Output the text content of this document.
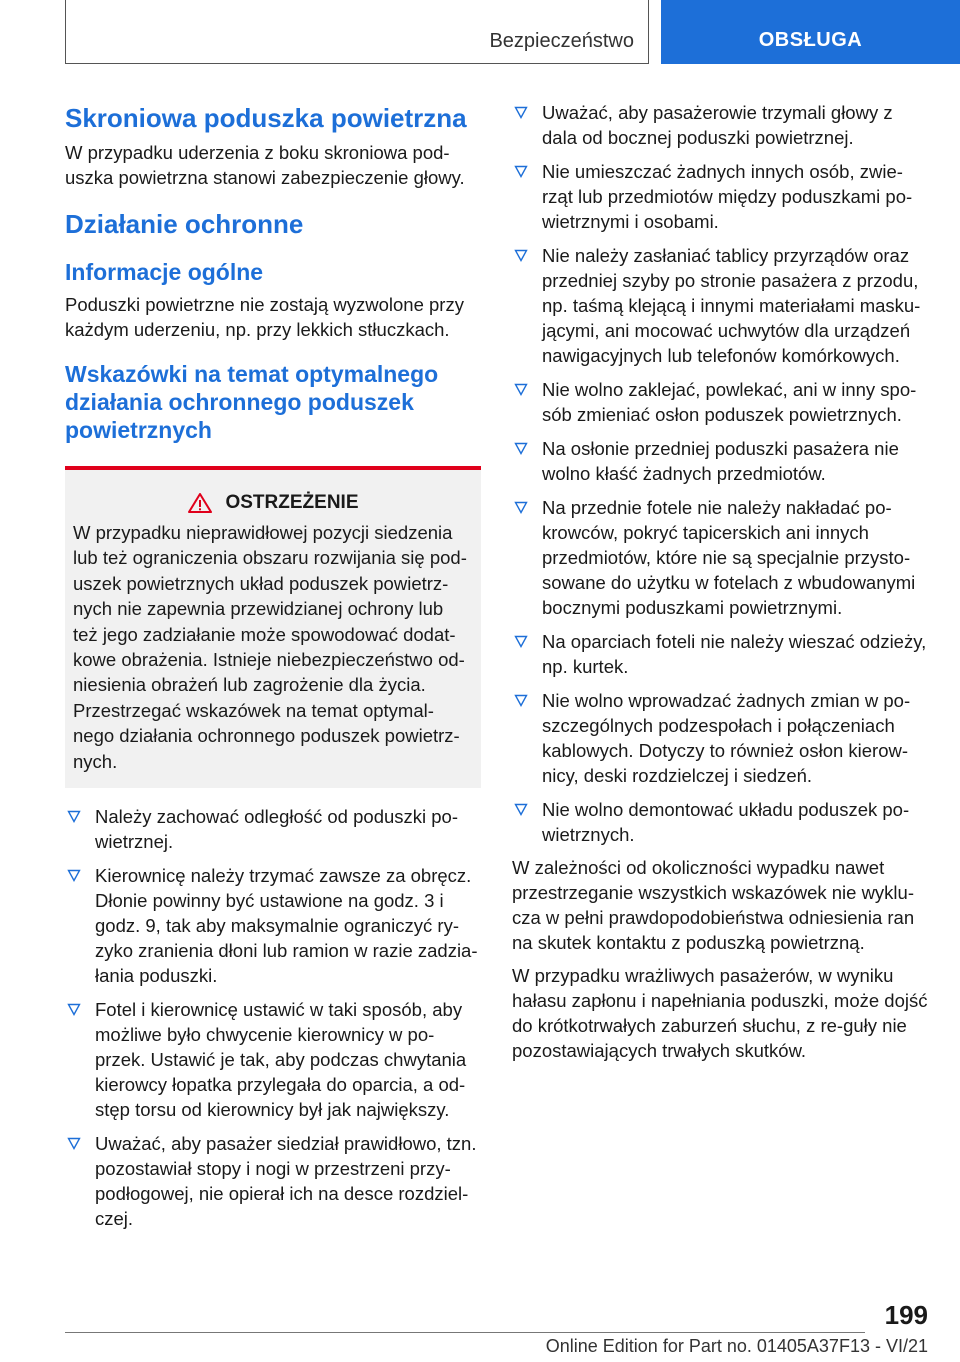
Bezpieczeństwo	OBSŁUGA
Skroniowa poduszka powietrzna

W przypadku uderzenia z boku skroniowa pod-uszka powietrzna stanowi zabezpieczenie głowy.

Działanie ochronne
Informacje ogólne

Poduszki powietrzne nie zostają wyzwolone przy każdym uderzeniu, np. przy lekkich stłuczkach.

Wskazówki na temat optymalnego działania ochronnego poduszek powietrznych
OSTRZEŻENIE

W przypadku nieprawidłowej pozycji siedzenia lub też ograniczenia obszaru rozwijania się pod-uszek powietrznych układ poduszek powietrz-nych nie zapewnia przewidzianej ochrony lub też jego zadziałanie może spowodować dodat-kowe obrażenia. Istnieje niebezpieczeństwo od-niesienia obrażeń lub zagrożenie dla życia. Przestrzegać wskazówek na temat optymal-nego działania ochronnego poduszek powietrz-nych.

Należy zachować odległość od poduszki po-wietrznej.
Kierownicę należy trzymać zawsze za obręcz. Dłonie powinny być ustawione na godz. 3 i godz. 9, tak aby maksymalnie ograniczyć ry-zyko zranienia dłoni lub ramion w razie zadzia-łania poduszki.
Fotel i kierownicę ustawić w taki sposób, aby możliwe było chwycenie kierownicy w po-przek. Ustawić je tak, aby podczas chwytania kierowcy łopatka przylegała do oparcia, a od-stęp torsu od kierownicy był jak największy.
Uważać, aby pasażer siedział prawidłowo, tzn. pozostawiał stopy i nogi w przestrzeni przy-podłogowej, nie opierał ich na desce rozdziel-czej.
Uważać, aby pasażerowie trzymali głowy z dala od bocznej poduszki powietrznej.
Nie umieszczać żadnych innych osób, zwie-rząt lub przedmiotów między poduszkami po-wietrznymi i osobami.
Nie należy zasłaniać tablicy przyrządów oraz przedniej szyby po stronie pasażera z przodu, np. taśmą klejącą i innymi materiałami masku-jącymi, ani mocować uchwytów dla urządzeń nawigacyjnych lub telefonów komórkowych.
Nie wolno zaklejać, powlekać, ani w inny spo-sób zmieniać osłon poduszek powietrznych.
Na osłonie przedniej poduszki pasażera nie wolno kłaść żadnych przedmiotów.
Na przednie fotele nie należy nakładać po-krowców, pokryć tapicerskich ani innych przedmiotów, które nie są specjalnie przysto-sowane do użytku w fotelach z wbudowanymi bocznymi poduszkami powietrznymi.
Na oparciach foteli nie należy wieszać odzieży, np. kurtek.
Nie wolno wprowadzać żadnych zmian w po-szczególnych podzespołach i połączeniach kablowych. Dotyczy to również osłon kierow-nicy, deski rozdzielczej i siedzeń.
Nie wolno demontować układu poduszek po-wietrznych.

W zależności od okoliczności wypadku nawet przestrzeganie wszystkich wskazówek nie wyklu-cza w pełni prawdopodobieństwa odniesienia ran na skutek kontaktu z poduszką powietrzną.

W przypadku wrażliwych pasażerów, w wyniku hałasu zapłonu i napełniania poduszki, może dojść do krótkotrwałych zaburzeń słuchu, z re-guły nie pozostawiających trwałych skutków.

199
Online Edition for Part no. 01405A37F13 - VI/21
